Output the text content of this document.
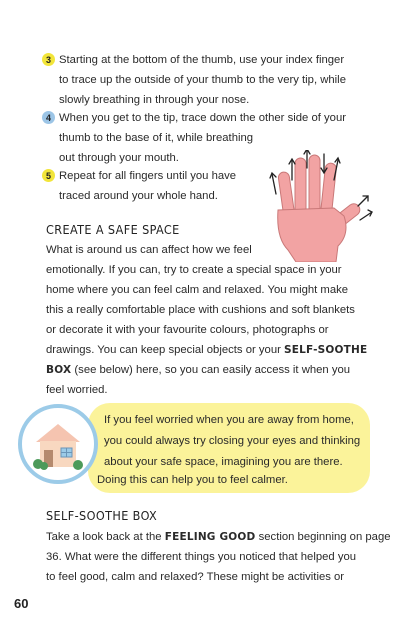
3 Starting at the bottom of the thumb, use your index finger
to trace up the outside of your thumb to the very tip, while
slowly breathing in through your nose.
4 When you get to the tip, trace down the other side of your
thumb to the base of it, while breathing
out through your mouth.
5 Repeat for all fingers until you have
traced around your whole hand.
CREATE A SAFE SPACE
What is around us can affect how we feel
emotionally. If you can, try to create a special space in your
home where you can feel calm and relaxed. You might make
this a really comfortable place with cushions and soft blankets
or decorate it with your favourite colours, photographs or
drawings. You can keep special objects or your SELF-SOOTHE
BOX (see below) here, so you can easily access it when you
feel worried.
If you feel worried when you are away from home,
you could always try closing your eyes and thinking
about your safe space, imagining you are there.
Doing this can help you to feel calmer.
SELF-SOOTHE BOX
Take a look back at the FEELING GOOD section beginning on page
36. What were the different things you noticed that helped you
to feel good, calm and relaxed? These might be activities or
60
